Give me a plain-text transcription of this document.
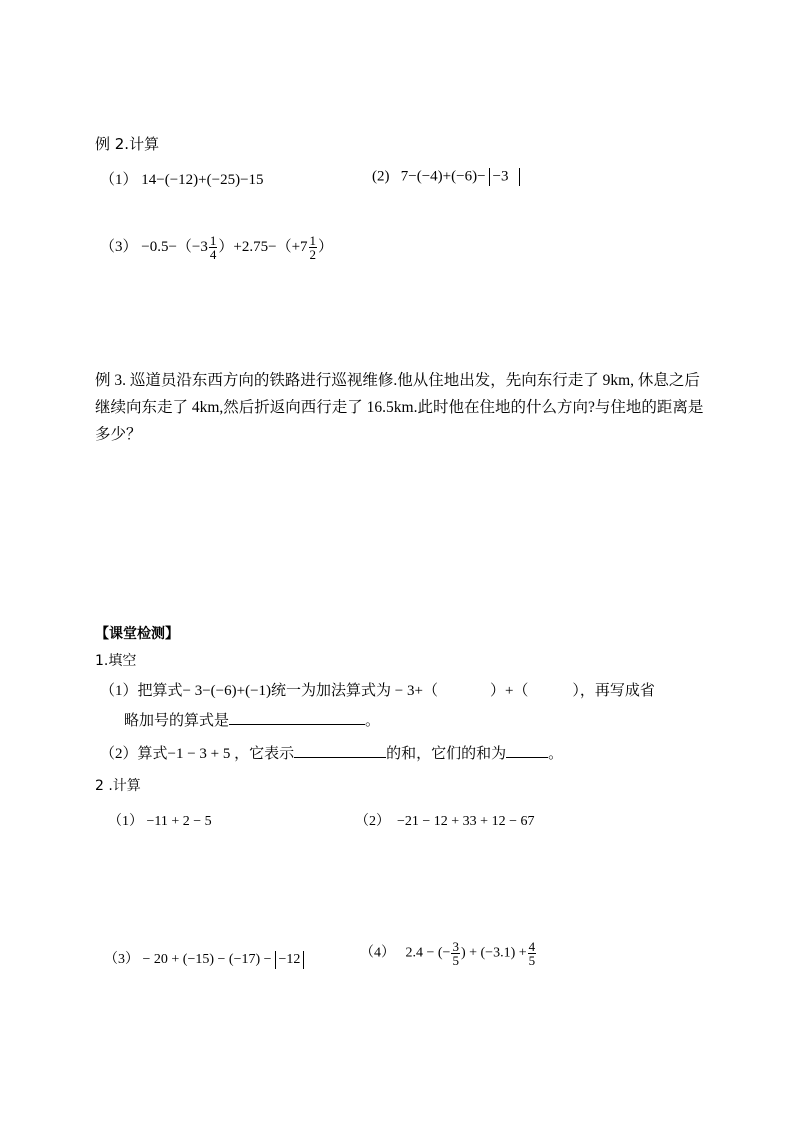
例 2.计算
（1） 14−(−12)+(−25)−15	(2) 7−(−4)+(−6)− −3
$(3) -0.5-(-3 \frac{1}{4} )+2.75-(+7 \frac{1}{2}$ ）
例 3. 巡道员沿东西方向的铁路进行巡视维修.他从住地出发，先向东行走了 9km, 休息之后继续向东走了 4km,然后折返向西行走了 16.5km.此时他在住地的什么方向?与住地的距离是多少？
【课堂检测】
1.填空
（1）把算式− 3−(−6)+(−1)统一为加法算式为 − 3+（	）+（	），再写成省
略加号的算式是	。
（2）算式−1 − 3 + 5 ，它表示	的和，它们的和为	。
2 .计算
（1） −11 + 2 − 5	（2） −21 − 12 + 33 + 12 − 67
（3） − 20 + (−15) − (−17) − −12	（4） 2.4 − (− $\frac{3}{5}$ ) + $(-3.1) + \frac{4}{5}$
